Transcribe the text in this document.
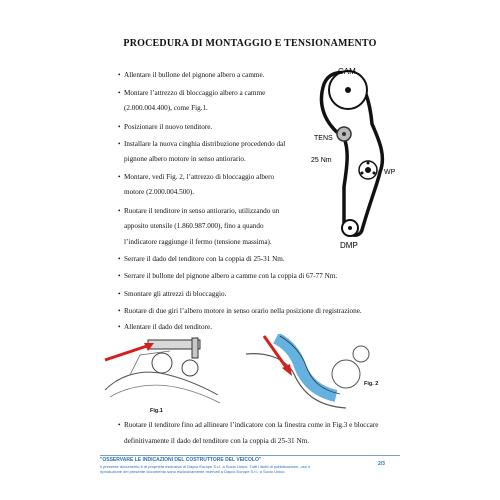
PROCEDURA DI MONTAGGIO E TENSIONAMENTO
• Allentare il bullone del pignone albero a camme.
• Montare l’attrezzo di bloccaggio albero a camme
(2.000.004.400), come Fig.1.
• Posizionare il nuovo tenditore.
• Installare la nuova cinghia distribuzione procedendo dal
pignone albero motore in senso antiorario.
• Montare, vedi Fig. 2, l’attrezzo di bloccaggio albero
motore (2.000.004.500).
• Ruotare il tenditore in senso antiorario, utilizzando un
apposito utensile (1.860.987.000), fino a quando
l’indicatore raggiunge il fermo (tensione massima).
• Serrare il dado del tenditore con la coppia di 25-31 Nm.
• Serrare il bullone del pignone albero a camme con la coppia di 67-77 Nm.
• Smontare gli attrezzi di bloccaggio.
• Ruotare di due giri l’albero motore in senso orario nella posizione di registrazione.
• Allentare il dado del tenditore.
CAM
TENS
25 Nm
WP
DMP
Fig.1
Fig. 2
• Ruotare il tenditore fino ad allineare l’indicatore con la finestra come in Fig.3 e bloccare
definitivamente il dado del tenditore con la coppia di 25-31 Nm.
"OSSERVARE LE INDICAZIONI DEL COSTRUTTORE DEL VEICOLO"
Il presente documento è di proprietà esclusiva di Dayco Europe S.r.l. a Socio Unico. Tutti i diritti di pubblicazione, uso e
riproduzione del presente documento sono esclusivamente riservati a Dayco Europe S.r.l. a Socio Unico.
2/3
